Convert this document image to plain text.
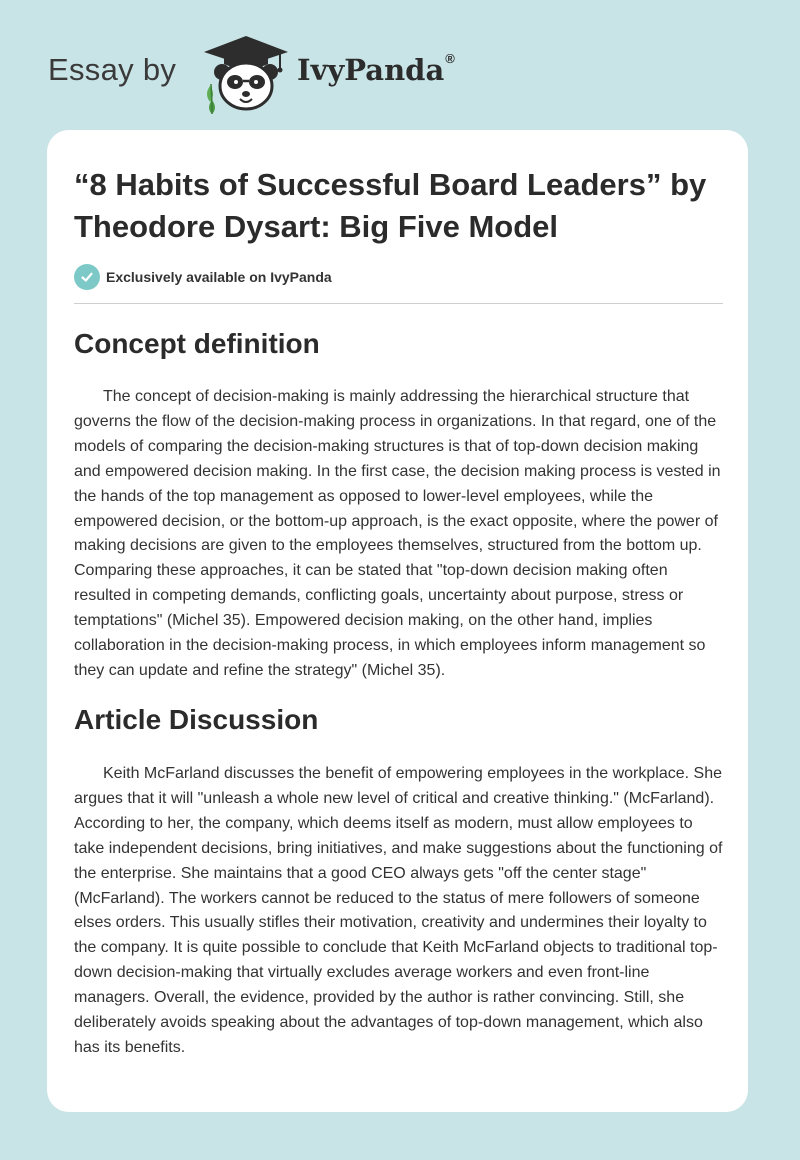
Essay by	IvyPanda®
“8 Habits of Successful Board Leaders” by Theodore Dysart: Big Five Model
Exclusively available on IvyPanda
Concept definition

The concept of decision-making is mainly addressing the hierarchical structure that governs the flow of the decision-making process in organizations. In that regard, one of the models of comparing the decision-making structures is that of top-down decision making and empowered decision making. In the first case, the decision making process is vested in the hands of the top management as opposed to lower-level employees, while the empowered decision, or the bottom-up approach, is the exact opposite, where the power of making decisions are given to the employees themselves, structured from the bottom up. Comparing these approaches, it can be stated that "top-down decision making often resulted in competing demands, conflicting goals, uncertainty about purpose, stress or temptations" (Michel 35). Empowered decision making, on the other hand, implies collaboration in the decision-making process, in which employees inform management so they can update and refine the strategy" (Michel 35).

Article Discussion

Keith McFarland discusses the benefit of empowering employees in the workplace. She argues that it will "unleash a whole new level of critical and creative thinking." (McFarland). According to her, the company, which deems itself as modern, must allow employees to take independent decisions, bring initiatives, and make suggestions about the functioning of the enterprise. She maintains that a good CEO always gets "off the center stage" (McFarland). The workers cannot be reduced to the status of mere followers of someone elses orders. This usually stifles their motivation, creativity and undermines their loyalty to the company. It is quite possible to conclude that Keith McFarland objects to traditional top-down decision-making that virtually excludes average workers and even front-line managers. Overall, the evidence, provided by the author is rather convincing. Still, she deliberately avoids speaking about the advantages of top-down management, which also has its benefits.
